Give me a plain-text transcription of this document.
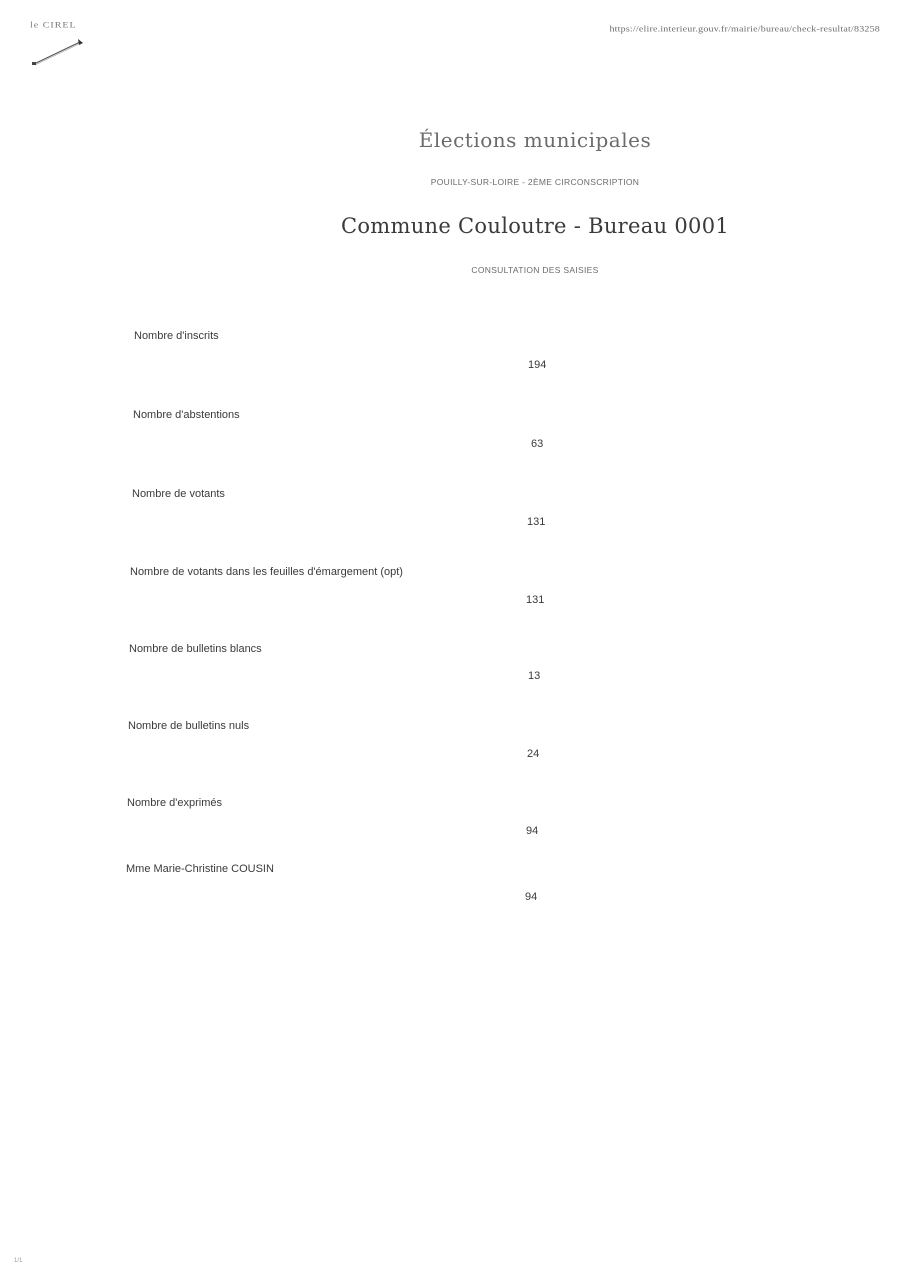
le CIREL	https://elire.interieur.gouv.fr/mairie/bureau/check-resultat/83258
Élections municipales
POUILLY-SUR-LOIRE - 2ÈME CIRCONSCRIPTION
Commune Couloutre - Bureau 0001
CONSULTATION DES SAISIES
Nombre d'inscrits
194
Nombre d'abstentions
63
Nombre de votants
131
Nombre de votants dans les feuilles d'émargement (opt)
131
Nombre de bulletins blancs
13
Nombre de bulletins nuls
24
Nombre d'exprimés
94
Mme Marie-Christine COUSIN
94
1/1
